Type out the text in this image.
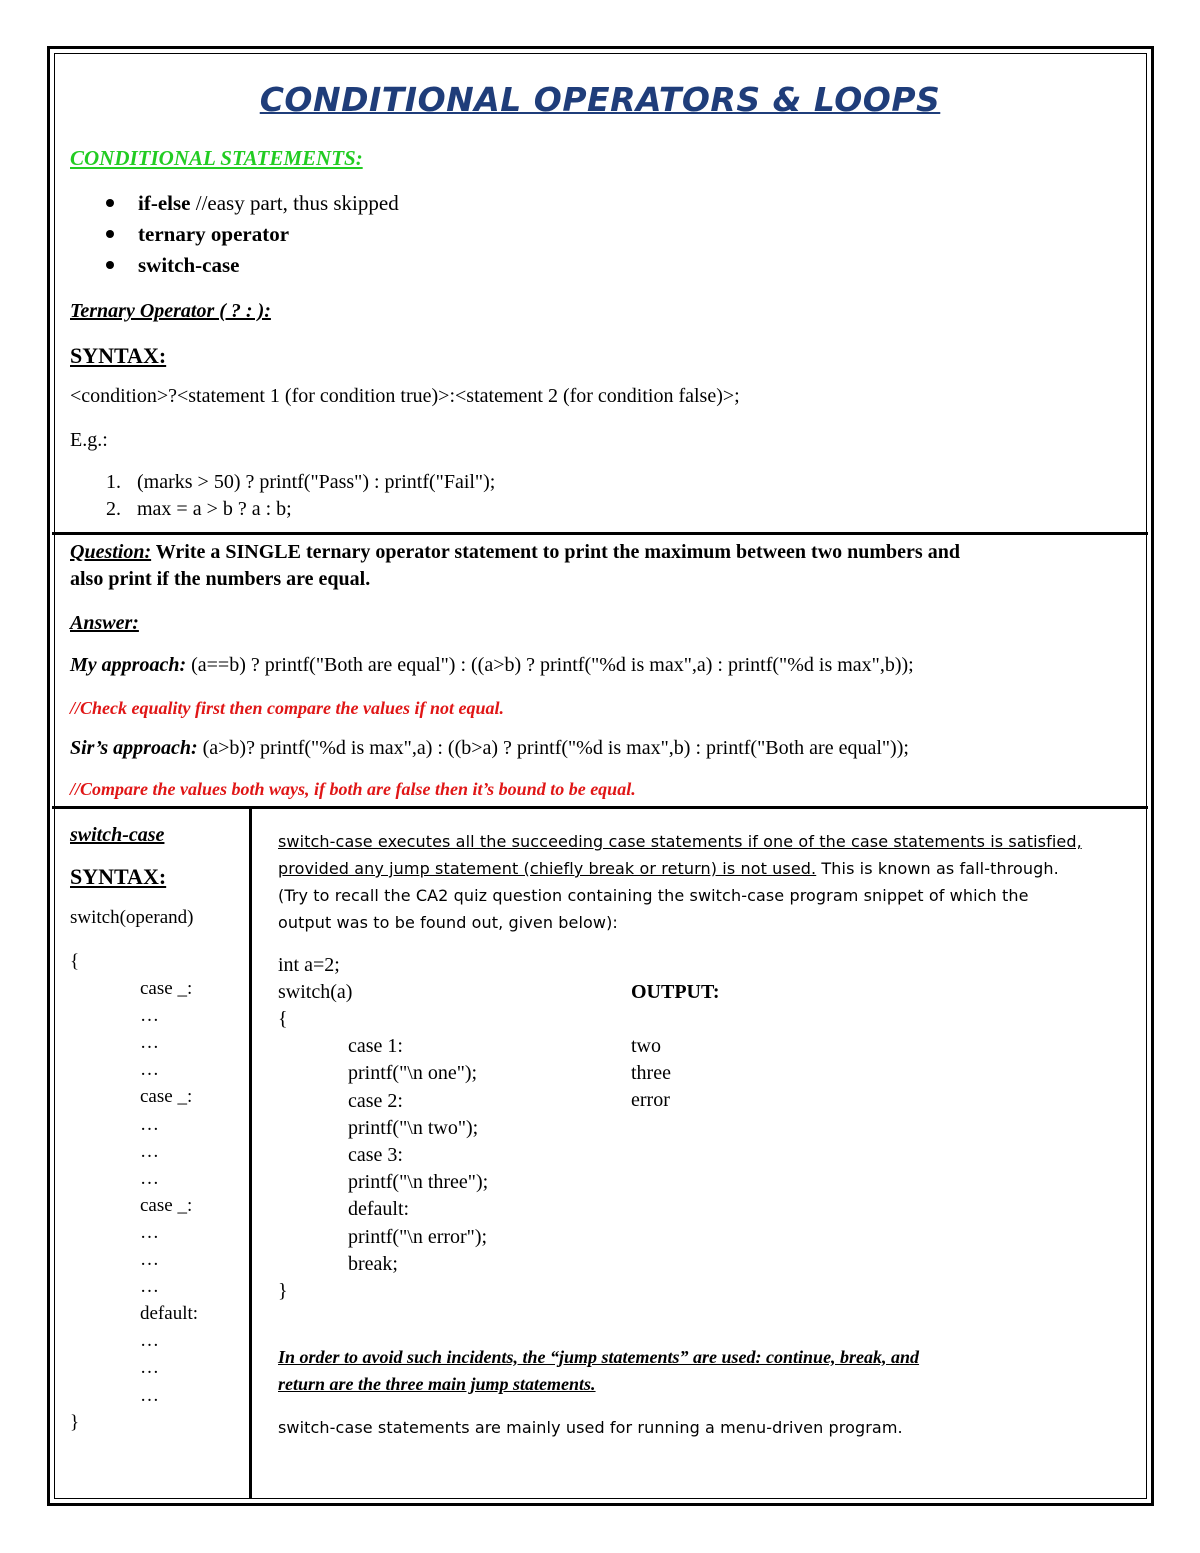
CONDITIONAL OPERATORS & LOOPS
CONDITIONAL STATEMENTS:
if-else //easy part, thus skipped
ternary operator
switch-case
Ternary Operator ( ? : ):
SYNTAX:
<condition>?<statement 1 (for condition true)>:<statement 2 (for condition false)>;
E.g.:
1. (marks > 50) ? printf("Pass") : printf("Fail");
2. max = a > b ? a : b;
Question: Write a SINGLE ternary operator statement to print the maximum between two numbers and
also print if the numbers are equal.
Answer:
My approach: (a==b) ? printf("Both are equal") : ((a>b) ? printf("%d is max",a) : printf("%d is max",b));
//Check equality first then compare the values if not equal.
Sir’s approach: (a>b)? printf("%d is max",a) : ((b>a) ? printf("%d is max",b) : printf("Both are equal"));
//Compare the values both ways, if both are false then it’s bound to be equal.
switch-case
SYNTAX:
switch(operand)
{
case _:
…
…
…
case _:
…
…
…
case _:
…
…
…
default:
…
…
…
}
switch-case executes all the succeeding case statements if one of the case statements is satisfied,
provided any jump statement (chiefly break or return) is not used. This is known as fall-through.
(Try to recall the CA2 quiz question containing the switch-case program snippet of which the
output was to be found out, given below):
int a=2;
switch(a)
{
case 1:
printf("\n one");
case 2:
printf("\n two");
case 3:
printf("\n three");
default:
printf("\n error");
break;
}
OUTPUT:
two
three
error
In order to avoid such incidents, the “jump statements” are used: continue, break, and
return are the three main jump statements.
switch-case statements are mainly used for running a menu-driven program.
